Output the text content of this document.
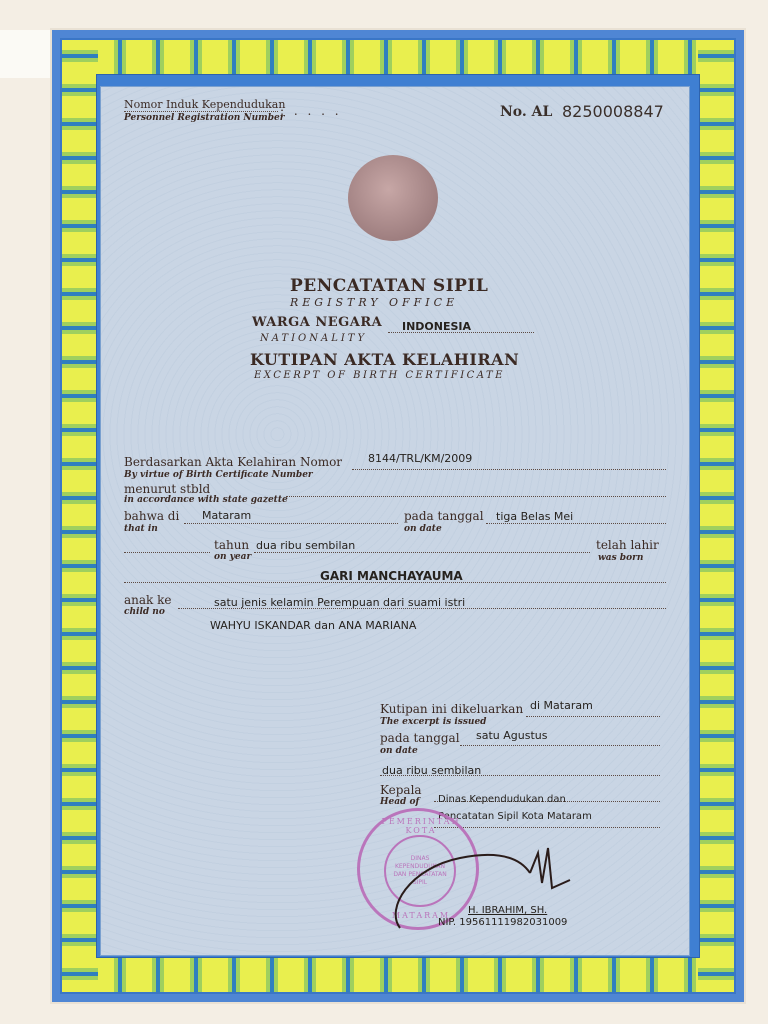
Nomor Induk Kependudukan
: . . . .
Personnel Registration Number	No. AL 8250008847
PENCATATAN SIPIL
REGISTRY OFFICE
WARGA NEGARA
NATIONALITY
INDONESIA
KUTIPAN AKTA KELAHIRAN
EXCERPT OF BIRTH CERTIFICATE
Berdasarkan Akta Kelahiran Nomor
By virtue of Birth Certificate Number
8144/TRL/KM/2009
menurut stbld
in accordance with state gazette
bahwa di
that in
Mataram	pada tanggal
on date
tiga Belas Mei
tahun
on year
dua ribu sembilan	telah lahir
was born
GARI MANCHAYAUMA
anak ke
child no
satu jenis kelamin Perempuan dari suami istri
WAHYU ISKANDAR dan ANA MARIANA
Kutipan ini dikeluarkan
The excerpt is issued
di Mataram
pada tanggal
on date
satu Agustus
dua ribu sembilan
Kepala
Head of Dinas Kependudukan dan
Pencatatan Sipil Kota Mataram
PEMERINTAH KOTA
DINAS KEPENDUDUKAN DAN PENCATATAN SIPIL
MATARAM	H. IBRAHIM, SH.
NIP. 19561111982031009
